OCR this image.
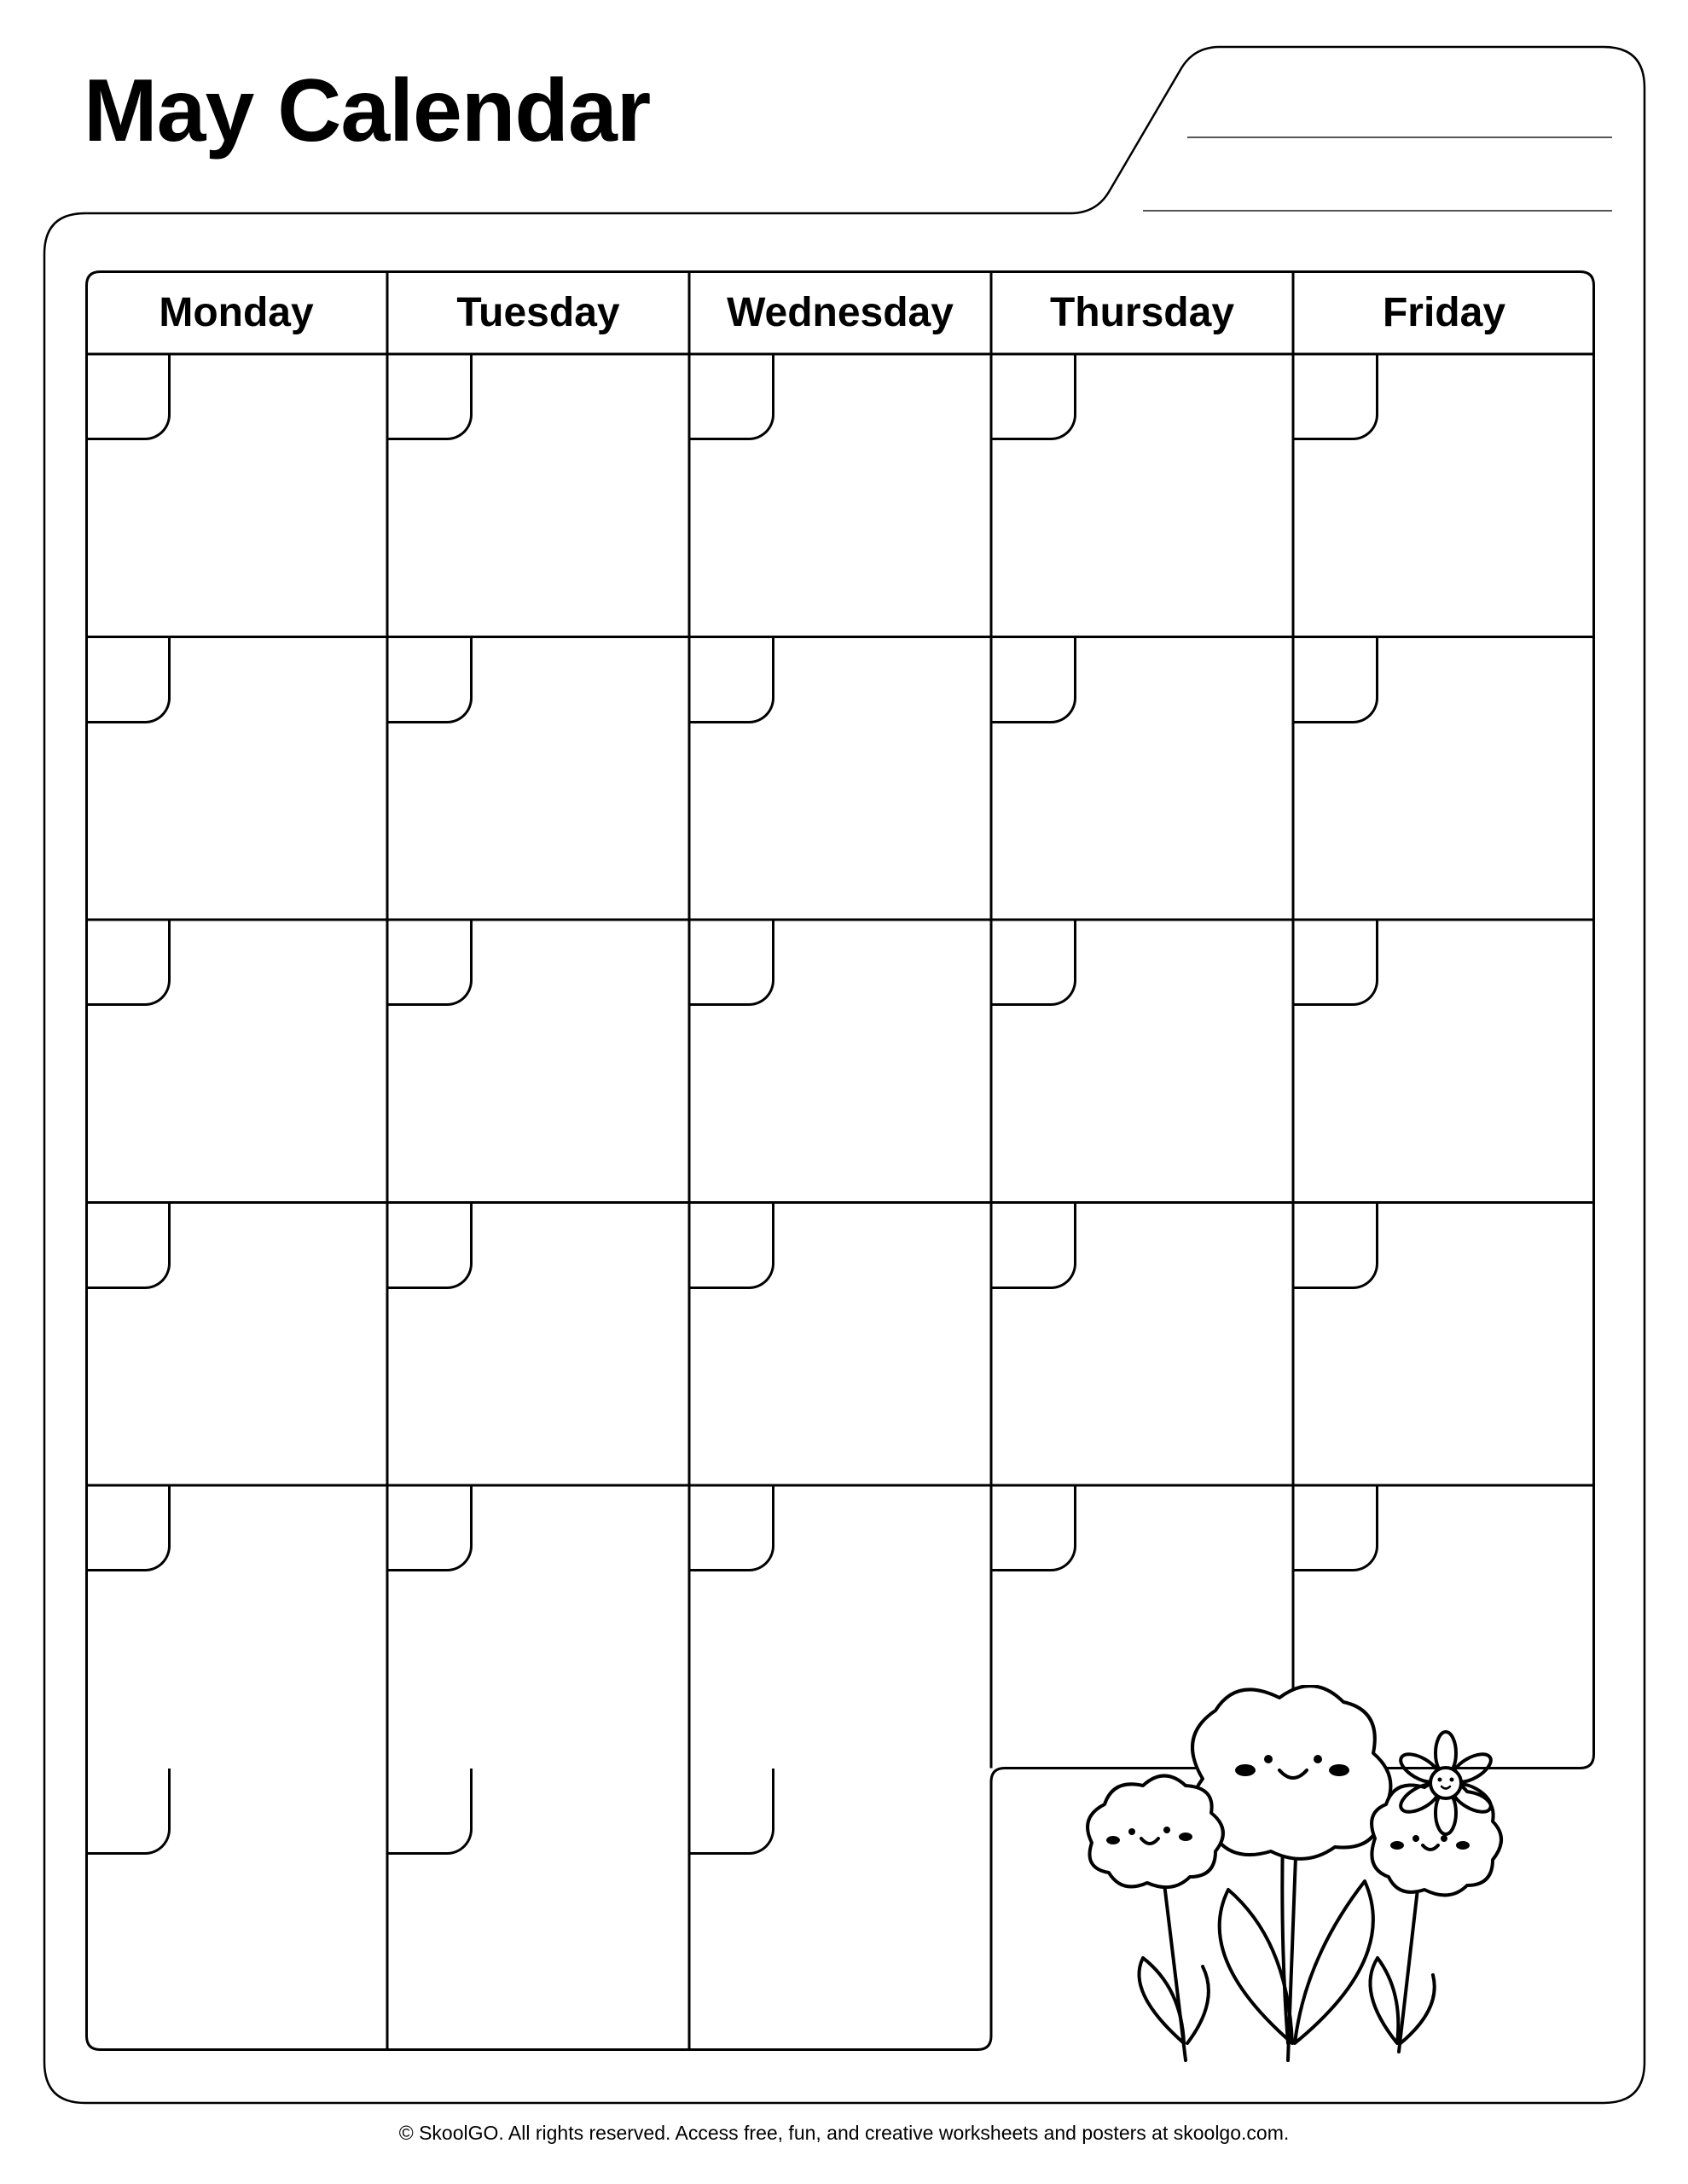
May Calendar
Monday	Tuesday	Wednesday	Thursday	Friday
© SkoolGO. All rights reserved. Access free, fun, and creative worksheets and posters at skoolgo.com.
